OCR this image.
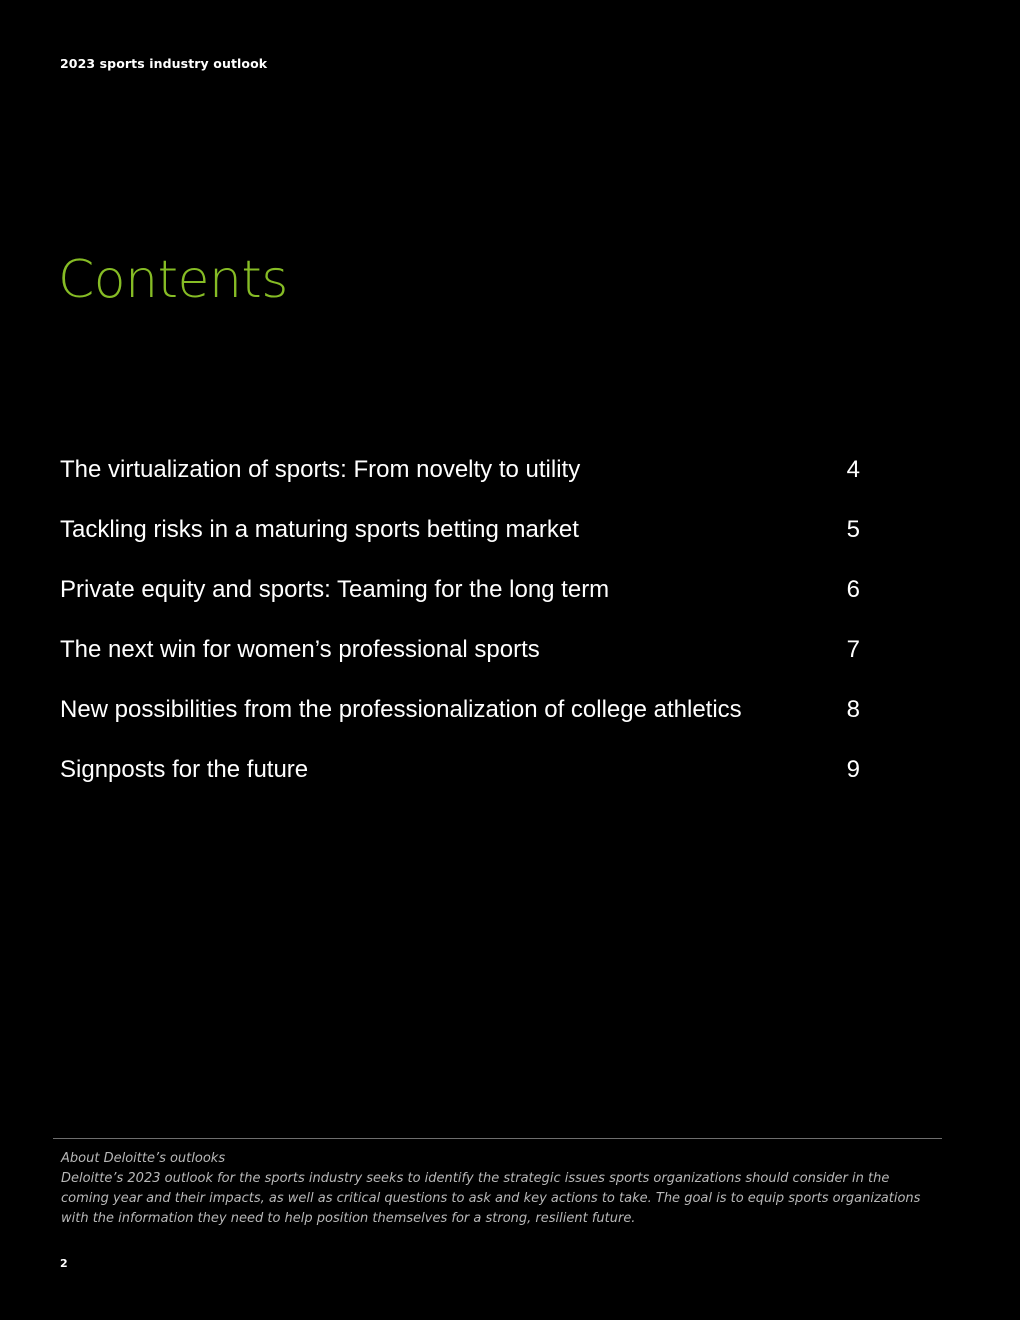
2023 sports industry outlook
Contents
The virtualization of sports: From novelty to utility	4
Tackling risks in a maturing sports betting market	5
Private equity and sports: Teaming for the long term	6
The next win for women’s professional sports	7
New possibilities from the professionalization of college athletics	8
Signposts for the future	9
About Deloitte’s outlooks
Deloitte’s 2023 outlook for the sports industry seeks to identify the strategic issues sports organizations should consider in the coming year and their impacts, as well as critical questions to ask and key actions to take. The goal is to equip sports organizations with the information they need to help position themselves for a strong, resilient future.
2
